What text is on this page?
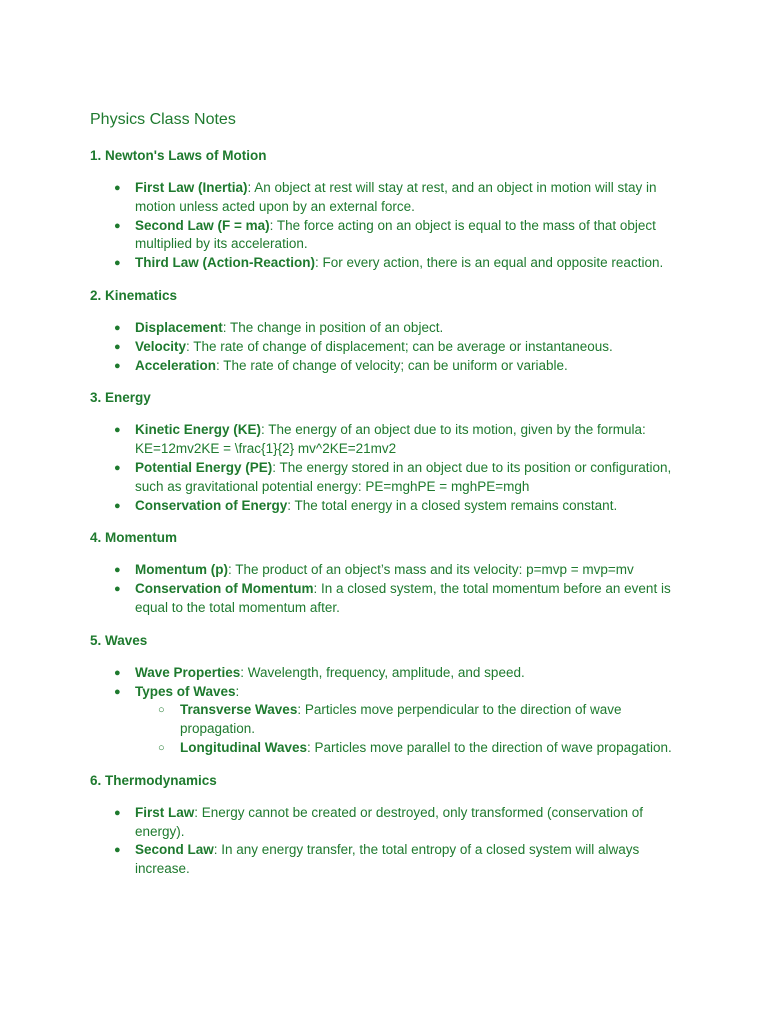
Physics Class Notes
1. Newton's Laws of Motion
● First Law (Inertia): An object at rest will stay at rest, and an object in motion will stay in motion unless acted upon by an external force.
● Second Law (F = ma): The force acting on an object is equal to the mass of that object multiplied by its acceleration.
● Third Law (Action-Reaction): For every action, there is an equal and opposite reaction.
2. Kinematics
● Displacement: The change in position of an object.
● Velocity: The rate of change of displacement; can be average or instantaneous.
● Acceleration: The rate of change of velocity; can be uniform or variable.
3. Energy
● Kinetic Energy (KE): The energy of an object due to its motion, given by the formula: KE=12mv2KE = \frac{1}{2} mv^2KE=21mv2
● Potential Energy (PE): The energy stored in an object due to its position or configuration, such as gravitational potential energy: PE=mghPE = mghPE=mgh
● Conservation of Energy: The total energy in a closed system remains constant.
4. Momentum
● Momentum (p): The product of an object’s mass and its velocity: p=mvp = mvp=mv
● Conservation of Momentum: In a closed system, the total momentum before an event is equal to the total momentum after.
5. Waves
● Wave Properties: Wavelength, frequency, amplitude, and speed.
● Types of Waves:
○ Transverse Waves: Particles move perpendicular to the direction of wave propagation.
○ Longitudinal Waves: Particles move parallel to the direction of wave propagation.
6. Thermodynamics
● First Law: Energy cannot be created or destroyed, only transformed (conservation of energy).
● Second Law: In any energy transfer, the total entropy of a closed system will always increase.
